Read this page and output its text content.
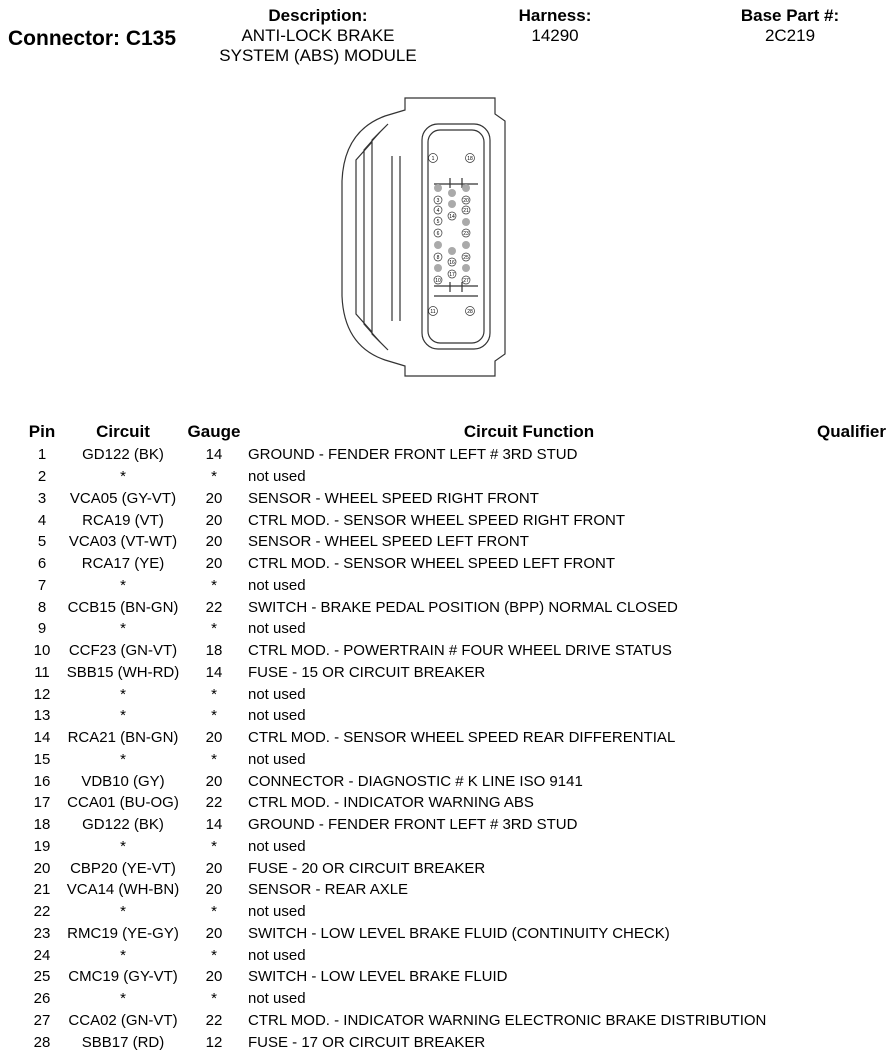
Connector: C135
Description:
ANTI-LOCK BRAKE
SYSTEM (ABS) MODULE
Harness:
14290
Base Part #:
2C219
1	18
3	20
4
14
21
5
6	23
8
16
25
17
27
10
11	28
Pin	Circuit	Gauge	Circuit Function	Qualifier
1	GD122 (BK)	14	GROUND - FENDER FRONT LEFT # 3RD STUD	
2	*	*	not used	
3	VCA05 (GY-VT)	20	SENSOR - WHEEL SPEED RIGHT FRONT	
4	RCA19 (VT)	20	CTRL MOD. - SENSOR WHEEL SPEED RIGHT FRONT	
5	VCA03 (VT-WT)	20	SENSOR - WHEEL SPEED LEFT FRONT	
6	RCA17 (YE)	20	CTRL MOD. - SENSOR WHEEL SPEED LEFT FRONT	
7	*	*	not used	
8	CCB15 (BN-GN)	22	SWITCH - BRAKE PEDAL POSITION (BPP) NORMAL CLOSED	
9	*	*	not used	
10	CCF23 (GN-VT)	18	CTRL MOD. - POWERTRAIN # FOUR WHEEL DRIVE STATUS	
11	SBB15 (WH-RD)	14	FUSE - 15 OR CIRCUIT BREAKER	
12	*	*	not used	
13	*	*	not used	
14	RCA21 (BN-GN)	20	CTRL MOD. - SENSOR WHEEL SPEED REAR DIFFERENTIAL	
15	*	*	not used	
16	VDB10 (GY)	20	CONNECTOR - DIAGNOSTIC # K LINE ISO 9141	
17	CCA01 (BU-OG)	22	CTRL MOD. - INDICATOR WARNING ABS	
18	GD122 (BK)	14	GROUND - FENDER FRONT LEFT # 3RD STUD	
19	*	*	not used	
20	CBP20 (YE-VT)	20	FUSE - 20 OR CIRCUIT BREAKER	
21	VCA14 (WH-BN)	20	SENSOR - REAR AXLE	
22	*	*	not used	
23	RMC19 (YE-GY)	20	SWITCH - LOW LEVEL BRAKE FLUID (CONTINUITY CHECK)	
24	*	*	not used	
25	CMC19 (GY-VT)	20	SWITCH - LOW LEVEL BRAKE FLUID	
26	*	*	not used	
27	CCA02 (GN-VT)	22	CTRL MOD. - INDICATOR WARNING ELECTRONIC BRAKE DISTRIBUTION	
28	SBB17 (RD)	12	FUSE - 17 OR CIRCUIT BREAKER	
